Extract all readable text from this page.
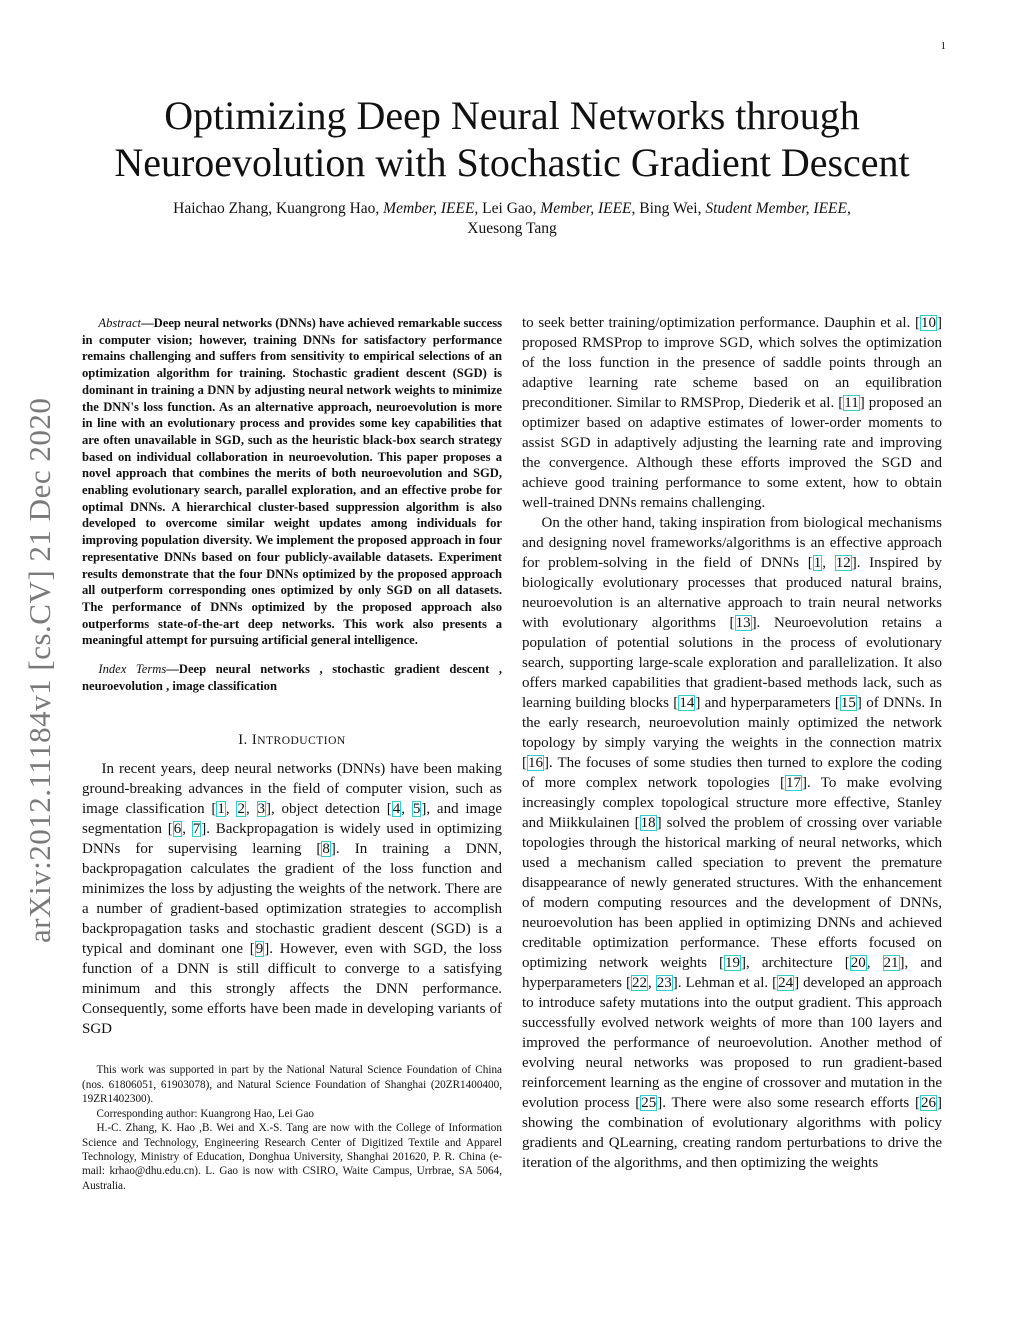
1
arXiv:2012.11184v1 [cs.CV] 21 Dec 2020
Optimizing Deep Neural Networks through
Neuroevolution with Stochastic Gradient Descent
Haichao Zhang, Kuangrong Hao, Member, IEEE, Lei Gao, Member, IEEE, Bing Wei, Student Member, IEEE,
Xuesong Tang

Abstract—Deep neural networks (DNNs) have achieved remarkable success in computer vision; however, training DNNs for satisfactory performance remains challenging and suffers from sensitivity to empirical selections of an optimization algorithm for training. Stochastic gradient descent (SGD) is dominant in training a DNN by adjusting neural network weights to minimize the DNN's loss function. As an alternative approach, neuroevolution is more in line with an evolutionary process and provides some key capabilities that are often unavailable in SGD, such as the heuristic black-box search strategy based on individual collaboration in neuroevolution. This paper proposes a novel approach that combines the merits of both neuroevolution and SGD, enabling evolutionary search, parallel exploration, and an effective probe for optimal DNNs. A hierarchical cluster-based suppression algorithm is also developed to overcome similar weight updates among individuals for improving population diversity. We implement the proposed approach in four representative DNNs based on four publicly-available datasets. Experiment results demonstrate that the four DNNs optimized by the proposed approach all outperform corresponding ones optimized by only SGD on all datasets. The performance of DNNs optimized by the proposed approach also outperforms state-of-the-art deep networks. This work also presents a meaningful attempt for pursuing artificial general intelligence.

Index Terms—Deep neural networks , stochastic gradient descent , neuroevolution , image classification

I. INTRODUCTION

In recent years, deep neural networks (DNNs) have been making ground-breaking advances in the field of computer vision, such as image classification [1, 2, 3], object detection [4, 5], and image segmentation [6, 7]. Backpropagation is widely used in optimizing DNNs for supervising learning [8]. In training a DNN, backpropagation calculates the gradient of the loss function and minimizes the loss by adjusting the weights of the network. There are a number of gradient-based optimization strategies to accomplish backpropagation tasks and stochastic gradient descent (SGD) is a typical and dominant one [9]. However, even with SGD, the loss function of a DNN is still difficult to converge to a satisfying minimum and this strongly affects the DNN performance. Consequently, some efforts have been made in developing variants of SGD

This work was supported in part by the National Natural Science Foundation of China (nos. 61806051, 61903078), and Natural Science Foundation of Shanghai (20ZR1400400, 19ZR1402300).

Corresponding author: Kuangrong Hao, Lei Gao

H.-C. Zhang, K. Hao ,B. Wei and X.-S. Tang are now with the College of Information Science and Technology, Engineering Research Center of Digitized Textile and Apparel Technology, Ministry of Education, Donghua University, Shanghai 201620, P. R. China (e-mail: krhao@dhu.edu.cn). L. Gao is now with CSIRO, Waite Campus, Urrbrae, SA 5064, Australia.

to seek better training/optimization performance. Dauphin et al. [10] proposed RMSProp to improve SGD, which solves the optimization of the loss function in the presence of saddle points through an adaptive learning rate scheme based on an equilibration preconditioner. Similar to RMSProp, Diederik et al. [11] proposed an optimizer based on adaptive estimates of lower-order moments to assist SGD in adaptively adjusting the learning rate and improving the convergence. Although these efforts improved the SGD and achieve good training performance to some extent, how to obtain well-trained DNNs remains challenging.

On the other hand, taking inspiration from biological mechanisms and designing novel frameworks/algorithms is an effective approach for problem-solving in the field of DNNs [1, 12]. Inspired by biologically evolutionary processes that produced natural brains, neuroevolution is an alternative approach to train neural networks with evolutionary algorithms [13]. Neuroevolution retains a population of potential solutions in the process of evolutionary search, supporting large-scale exploration and parallelization. It also offers marked capabilities that gradient-based methods lack, such as learning building blocks [14] and hyperparameters [15] of DNNs. In the early research, neuroevolution mainly optimized the network topology by simply varying the weights in the connection matrix [16]. The focuses of some studies then turned to explore the coding of more complex network topologies [17]. To make evolving increasingly complex topological structure more effective, Stanley and Miikkulainen [18] solved the problem of crossing over variable topologies through the historical marking of neural networks, which used a mechanism called speciation to prevent the premature disappearance of newly generated structures. With the enhancement of modern computing resources and the development of DNNs, neuroevolution has been applied in optimizing DNNs and achieved creditable optimization performance. These efforts focused on optimizing network weights [19], architecture [20, 21], and hyperparameters [22, 23]. Lehman et al. [24] developed an approach to introduce safety mutations into the output gradient. This approach successfully evolved network weights of more than 100 layers and improved the performance of neuroevolution. Another method of evolving neural networks was proposed to run gradient-based reinforcement learning as the engine of crossover and mutation in the evolution process [25]. There were also some research efforts [26] showing the combination of evolutionary algorithms with policy gradients and QLearning, creating random perturbations to drive the iteration of the algorithms, and then optimizing the weights
